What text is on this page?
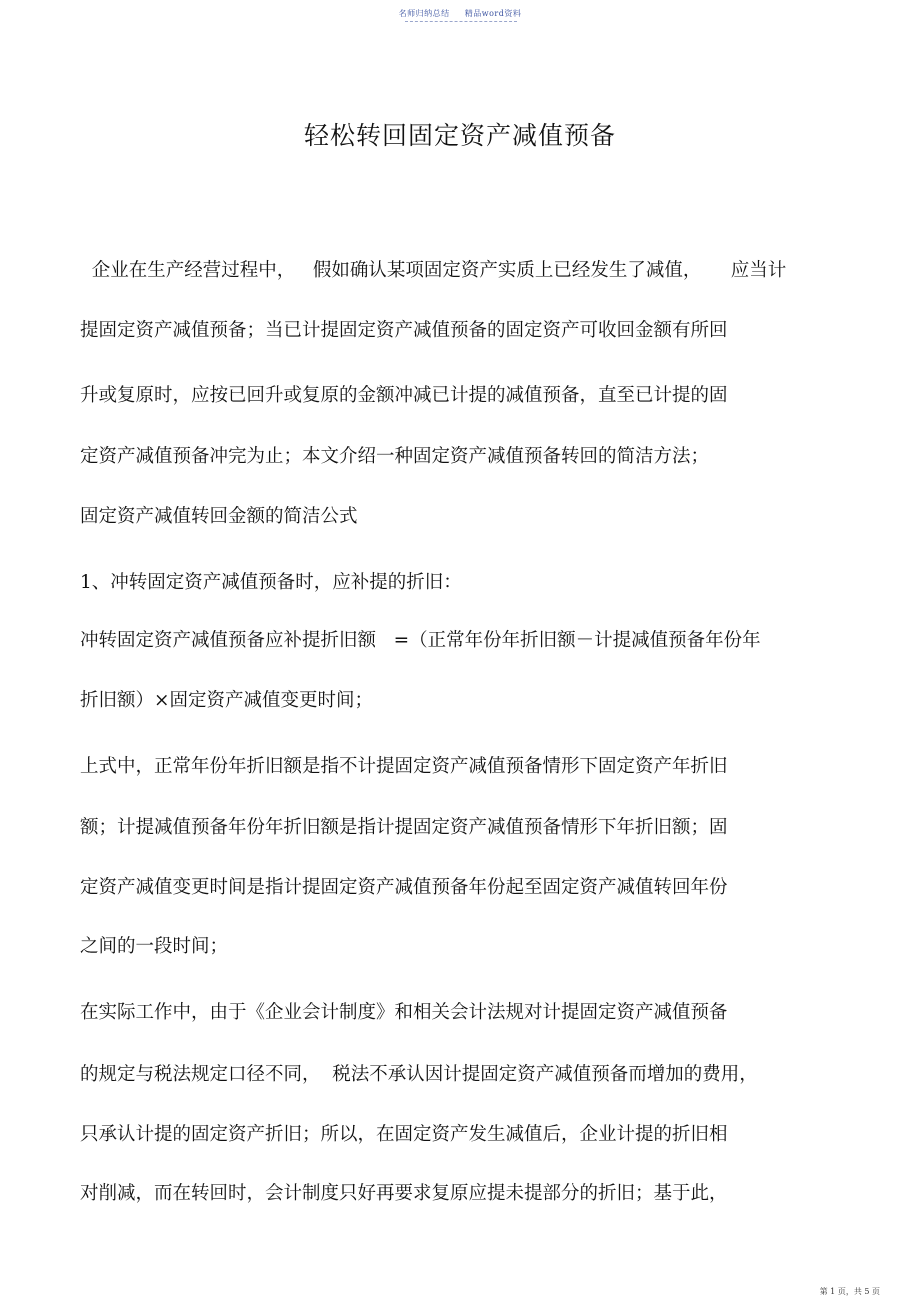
名师归纳总结 精品word资料
轻松转回固定资产减值预备

企业在生产经营过程中，   假如确认某项固定资产实质上已经发生了减值，     应当计

提固定资产减值预备；当已计提固定资产减值预备的固定资产可收回金额有所回

升或复原时，应按已回升或复原的金额冲减已计提的减值预备，直至已计提的固

定资产减值预备冲完为止；本文介绍一种固定资产减值预备转回的简洁方法；

固定资产减值转回金额的简洁公式

1、冲转固定资产减值预备时，应补提的折旧：

冲转固定资产减值预备应补提折旧额   =（正常年份年折旧额－计提减值预备年份年

折旧额）×固定资产减值变更时间；

上式中，正常年份年折旧额是指不计提固定资产减值预备情形下固定资产年折旧

额；计提减值预备年份年折旧额是指计提固定资产减值预备情形下年折旧额；固

定资产减值变更时间是指计提固定资产减值预备年份起至固定资产减值转回年份

之间的一段时间；

在实际工作中，由于《企业会计制度》和相关会计法规对计提固定资产减值预备

的规定与税法规定口径不同，  税法不承认因计提固定资产减值预备而增加的费用，

只承认计提的固定资产折旧；所以，在固定资产发生减值后，企业计提的折旧相

对削减，而在转回时，会计制度只好再要求复原应提未提部分的折旧；基于此，

第 1 页，共 5 页
